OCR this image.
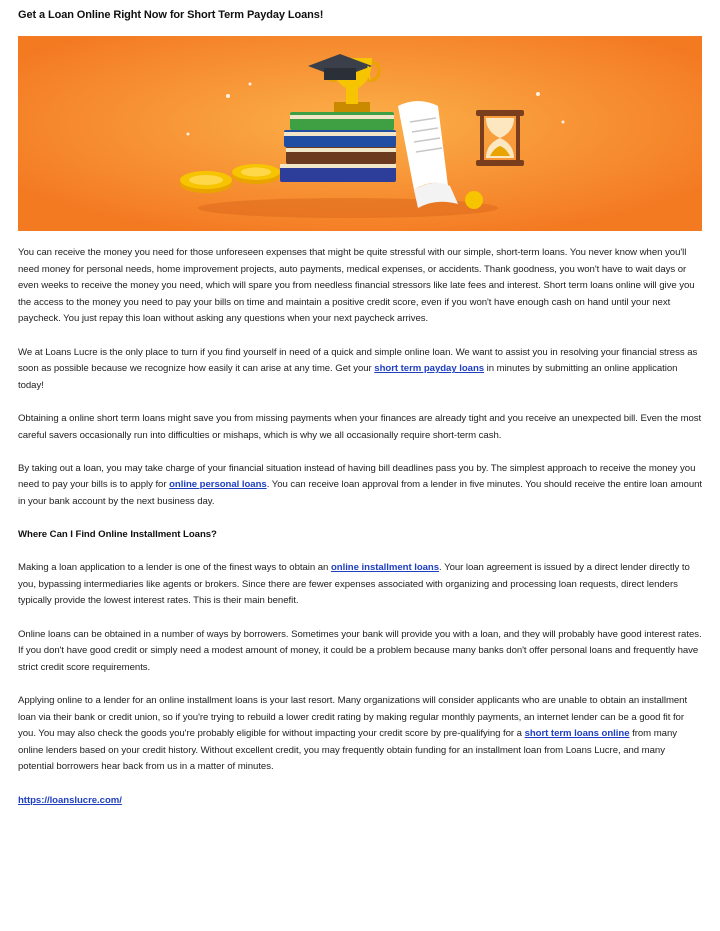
Get a Loan Online Right Now for Short Term Payday Loans!

You can receive the money you need for those unforeseen expenses that might be quite stressful with our simple, short-term loans. You never know when you'll need money for personal needs, home improvement projects, auto payments, medical expenses, or accidents. Thank goodness, you won't have to wait days or even weeks to receive the money you need, which will spare you from needless financial stressors like late fees and interest. Short term loans online will give you the access to the money you need to pay your bills on time and maintain a positive credit score, even if you won't have enough cash on hand until your next paycheck. You just repay this loan without asking any questions when your next paycheck arrives.

We at Loans Lucre is the only place to turn if you find yourself in need of a quick and simple online loan. We want to assist you in resolving your financial stress as soon as possible because we recognize how easily it can arise at any time. Get your short term payday loans in minutes by submitting an online application today!

Obtaining a online short term loans might save you from missing payments when your finances are already tight and you receive an unexpected bill. Even the most careful savers occasionally run into difficulties or mishaps, which is why we all occasionally require short-term cash.

By taking out a loan, you may take charge of your financial situation instead of having bill deadlines pass you by. The simplest approach to receive the money you need to pay your bills is to apply for online personal loans. You can receive loan approval from a lender in five minutes. You should receive the entire loan amount in your bank account by the next business day.

Where Can I Find Online Installment Loans?

Making a loan application to a lender is one of the finest ways to obtain an online installment loans. Your loan agreement is issued by a direct lender directly to you, bypassing intermediaries like agents or brokers. Since there are fewer expenses associated with organizing and processing loan requests, direct lenders typically provide the lowest interest rates. This is their main benefit.

Online loans can be obtained in a number of ways by borrowers. Sometimes your bank will provide you with a loan, and they will probably have good interest rates. If you don't have good credit or simply need a modest amount of money, it could be a problem because many banks don't offer personal loans and frequently have strict credit score requirements.

Applying online to a lender for an online installment loans is your last resort. Many organizations will consider applicants who are unable to obtain an installment loan via their bank or credit union, so if you're trying to rebuild a lower credit rating by making regular monthly payments, an internet lender can be a good fit for you. You may also check the goods you're probably eligible for without impacting your credit score by pre-qualifying for a short term loans online from many online lenders based on your credit history. Without excellent credit, you may frequently obtain funding for an installment loan from Loans Lucre, and many potential borrowers hear back from us in a matter of minutes.

https://loanslucre.com/
